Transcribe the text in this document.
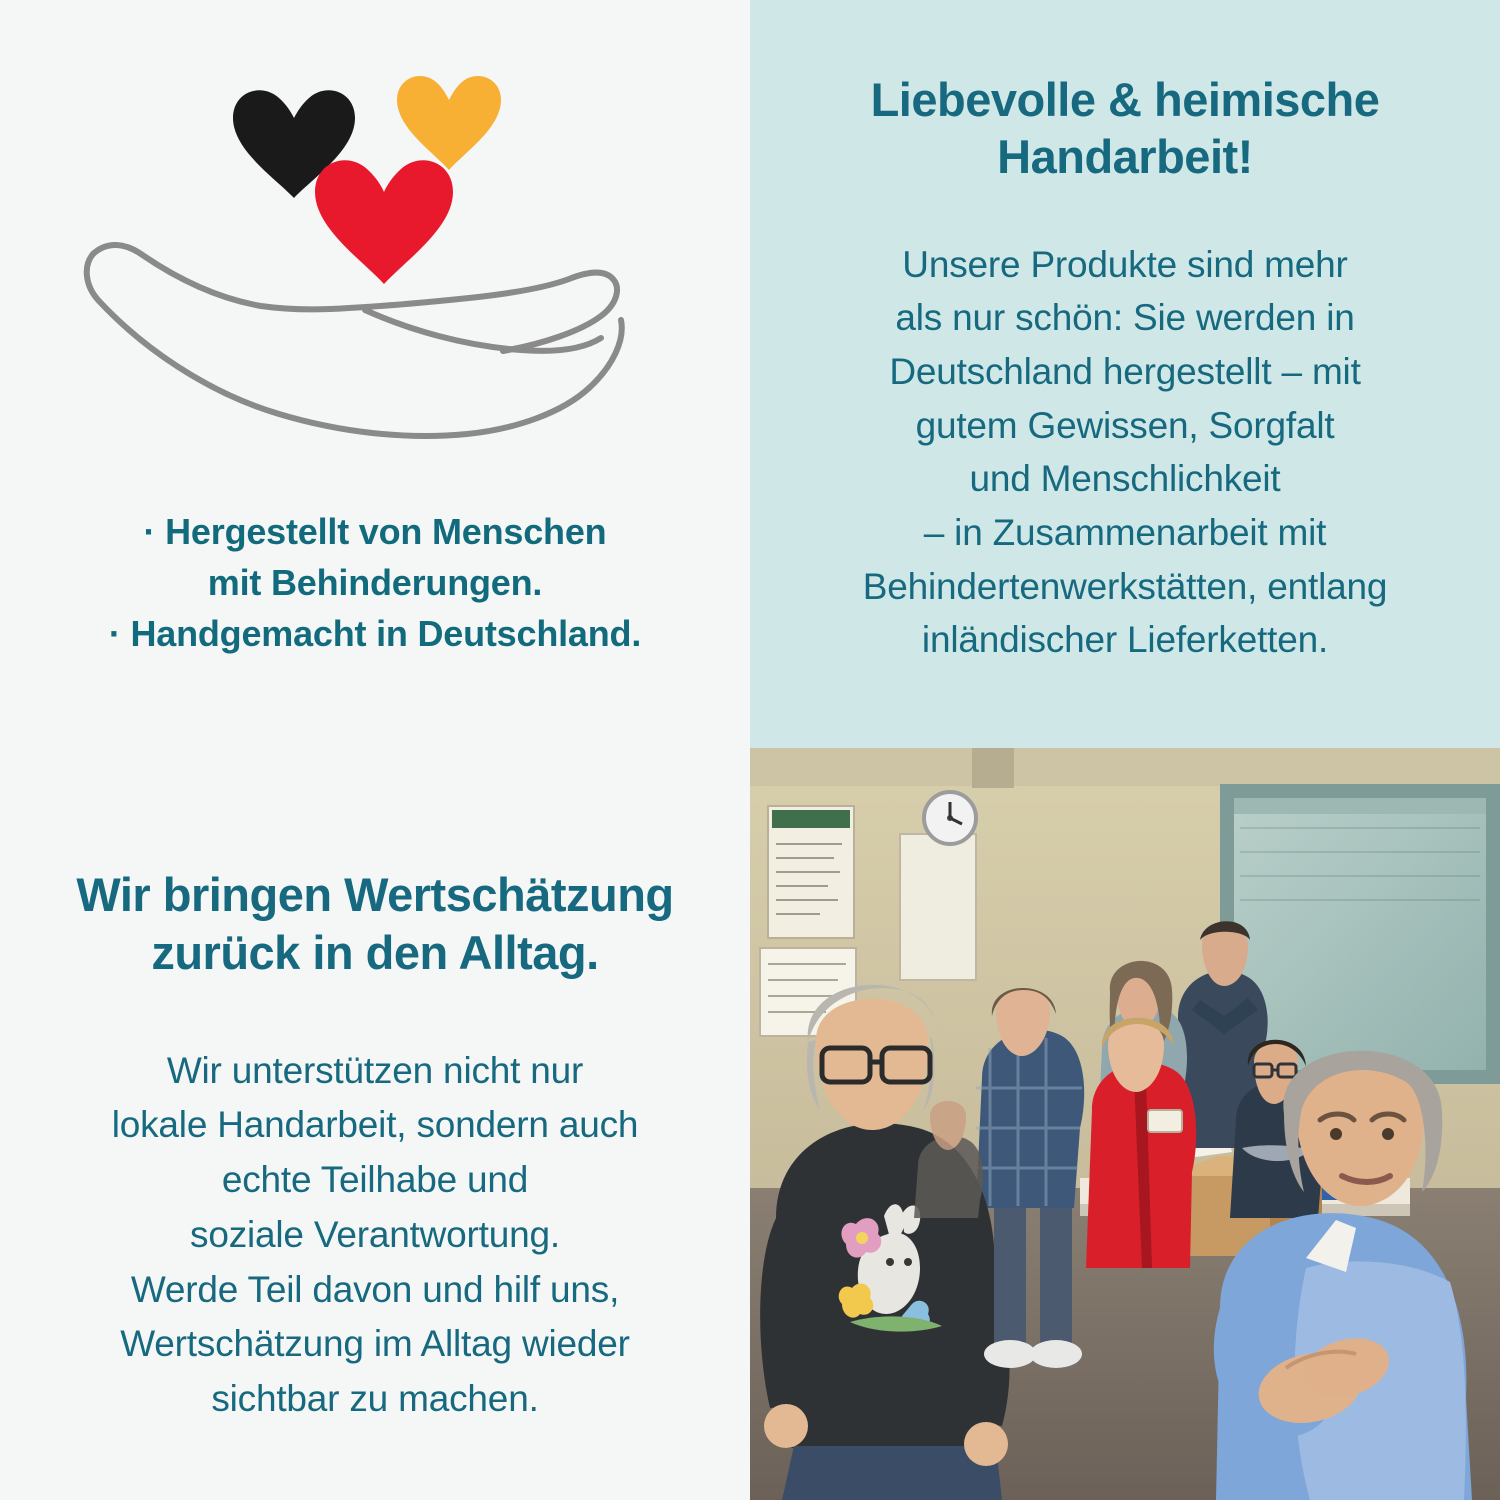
· Hergestellt von Menschen
mit Behinderungen.
· Handgemacht in Deutschland.
Liebevolle & heimische
Handarbeit!
Unsere Produkte sind mehr
als nur schön: Sie werden in
Deutschland hergestellt – mit
gutem Gewissen, Sorgfalt
und Menschlichkeit
– in Zusammenarbeit mit
Behindertenwerkstätten, entlang
inländischer Lieferketten.
Wir bringen Wertschätzung
zurück in den Alltag.
Wir unterstützen nicht nur
lokale Handarbeit, sondern auch
echte Teilhabe und
soziale Verantwortung.
Werde Teil davon und hilf uns,
Wertschätzung im Alltag wieder
sichtbar zu machen.
